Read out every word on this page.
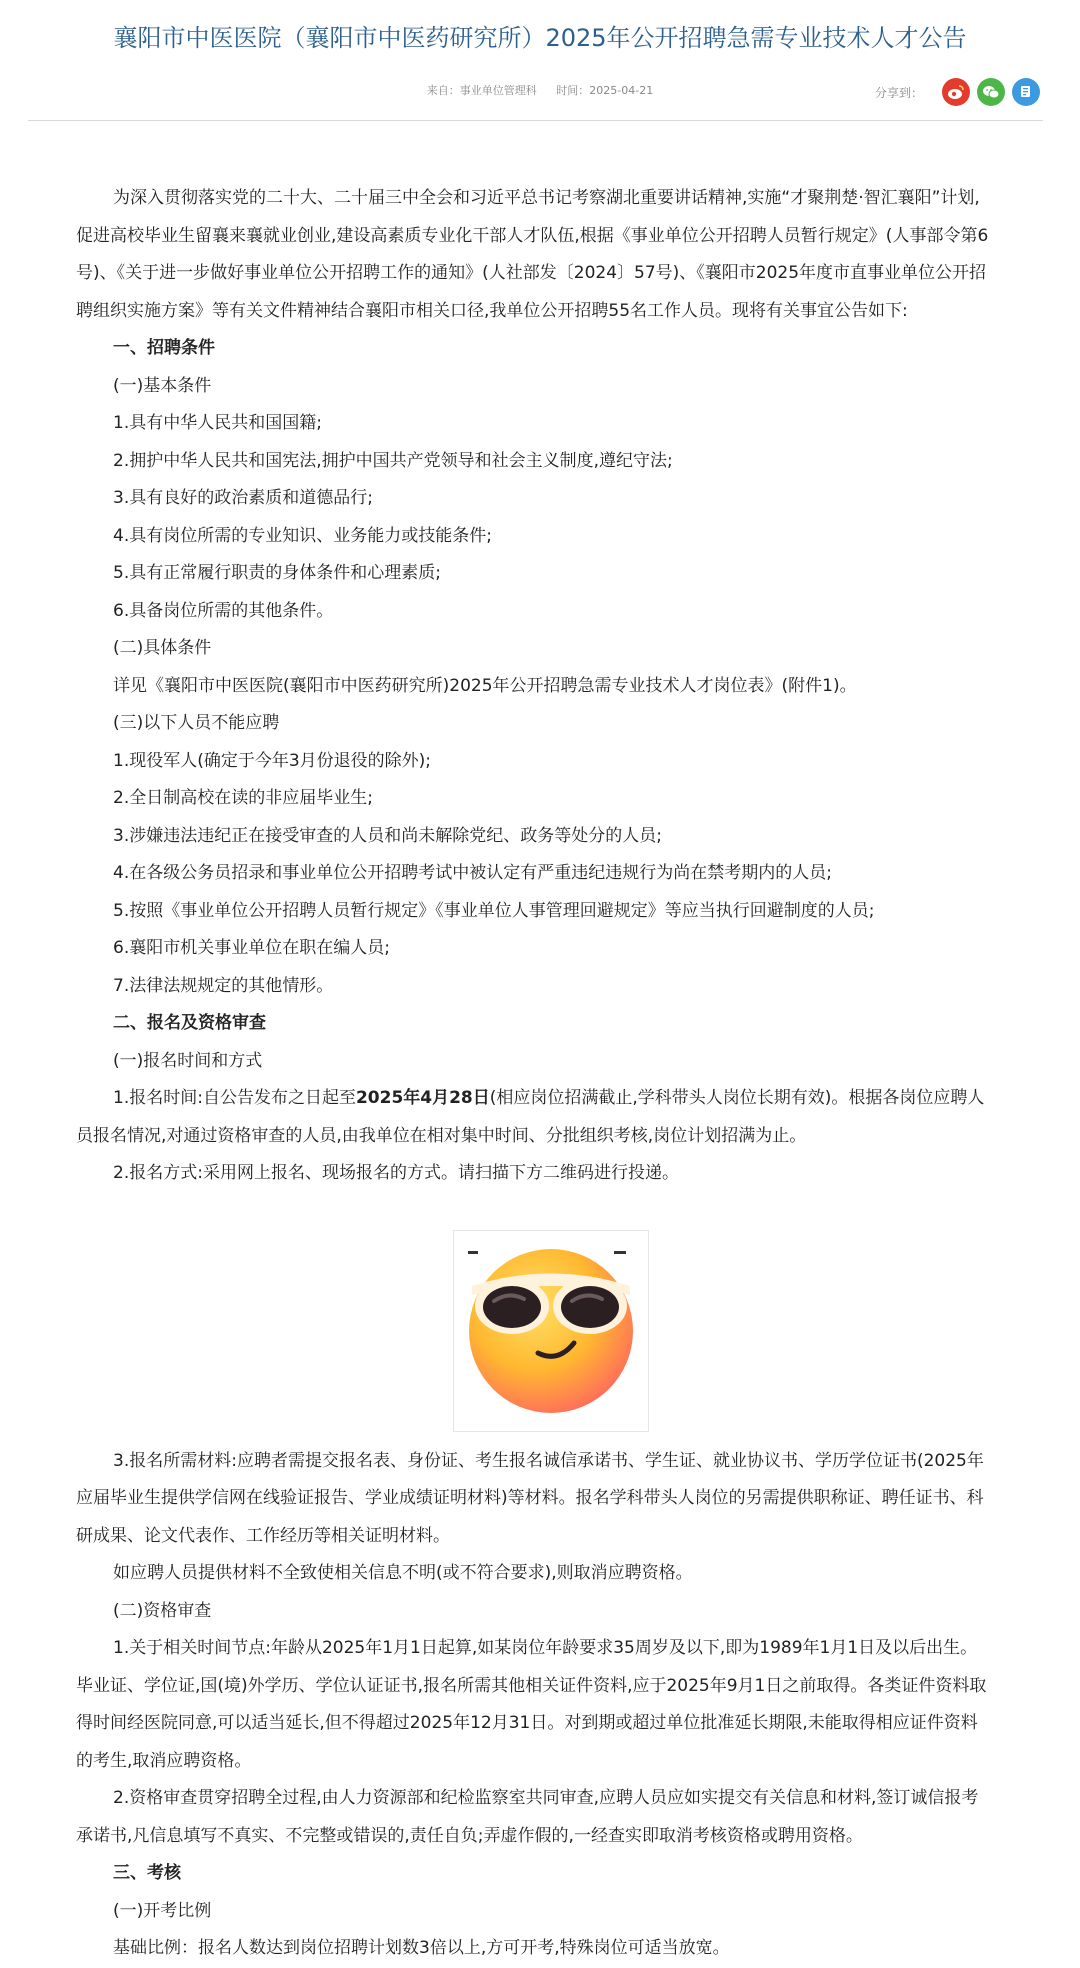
襄阳市中医医院（襄阳市中医药研究所）2025年公开招聘急需专业技术人才公告
来自：事业单位管理科 时间：2025-04-21	分享到：

为深入贯彻落实党的二十大、二十届三中全会和习近平总书记考察湖北重要讲话精神,实施“才聚荆楚·智汇襄阳”计划,促进高校毕业生留襄来襄就业创业,建设高素质专业化干部人才队伍,根据《事业单位公开招聘人员暂行规定》(人事部令第6号)、《关于进一步做好事业单位公开招聘工作的通知》(人社部发〔2024〕57号)、《襄阳市2025年度市直事业单位公开招聘组织实施方案》等有关文件精神结合襄阳市相关口径,我单位公开招聘55名工作人员。现将有关事宜公告如下:

一、招聘条件

(一)基本条件

1.具有中华人民共和国国籍;

2.拥护中华人民共和国宪法,拥护中国共产党领导和社会主义制度,遵纪守法;

3.具有良好的政治素质和道德品行;

4.具有岗位所需的专业知识、业务能力或技能条件;

5.具有正常履行职责的身体条件和心理素质;

6.具备岗位所需的其他条件。

(二)具体条件

详见《襄阳市中医医院(襄阳市中医药研究所)2025年公开招聘急需专业技术人才岗位表》(附件1)。

(三)以下人员不能应聘

1.现役军人(确定于今年3月份退役的除外);

2.全日制高校在读的非应届毕业生;

3.涉嫌违法违纪正在接受审查的人员和尚未解除党纪、政务等处分的人员;

4.在各级公务员招录和事业单位公开招聘考试中被认定有严重违纪违规行为尚在禁考期内的人员;

5.按照《事业单位公开招聘人员暂行规定》《事业单位人事管理回避规定》等应当执行回避制度的人员;

6.襄阳市机关事业单位在职在编人员;

7.法律法规规定的其他情形。

二、报名及资格审查

(一)报名时间和方式

1.报名时间:自公告发布之日起至2025年4月28日(相应岗位招满截止,学科带头人岗位长期有效)。根据各岗位应聘人员报名情况,对通过资格审查的人员,由我单位在相对集中时间、分批组织考核,岗位计划招满为止。

2.报名方式:采用网上报名、现场报名的方式。请扫描下方二维码进行投递。

3.报名所需材料:应聘者需提交报名表、身份证、考生报名诚信承诺书、学生证、就业协议书、学历学位证书(2025年应届毕业生提供学信网在线验证报告、学业成绩证明材料)等材料。报名学科带头人岗位的另需提供职称证、聘任证书、科研成果、论文代表作、工作经历等相关证明材料。

如应聘人员提供材料不全致使相关信息不明(或不符合要求),则取消应聘资格。

(二)资格审查

1.关于相关时间节点:年龄从2025年1月1日起算,如某岗位年龄要求35周岁及以下,即为1989年1月1日及以后出生。毕业证、学位证,国(境)外学历、学位认证证书,报名所需其他相关证件资料,应于2025年9月1日之前取得。各类证件资料取得时间经医院同意,可以适当延长,但不得超过2025年12月31日。对到期或超过单位批准延长期限,未能取得相应证件资料的考生,取消应聘资格。

2.资格审查贯穿招聘全过程,由人力资源部和纪检监察室共同审查,应聘人员应如实提交有关信息和材料,签订诚信报考承诺书,凡信息填写不真实、不完整或错误的,责任自负;弄虚作假的,一经查实即取消考核资格或聘用资格。

三、考核

(一)开考比例

基础比例：报名人数达到岗位招聘计划数3倍以上,方可开考,特殊岗位可适当放宽。
